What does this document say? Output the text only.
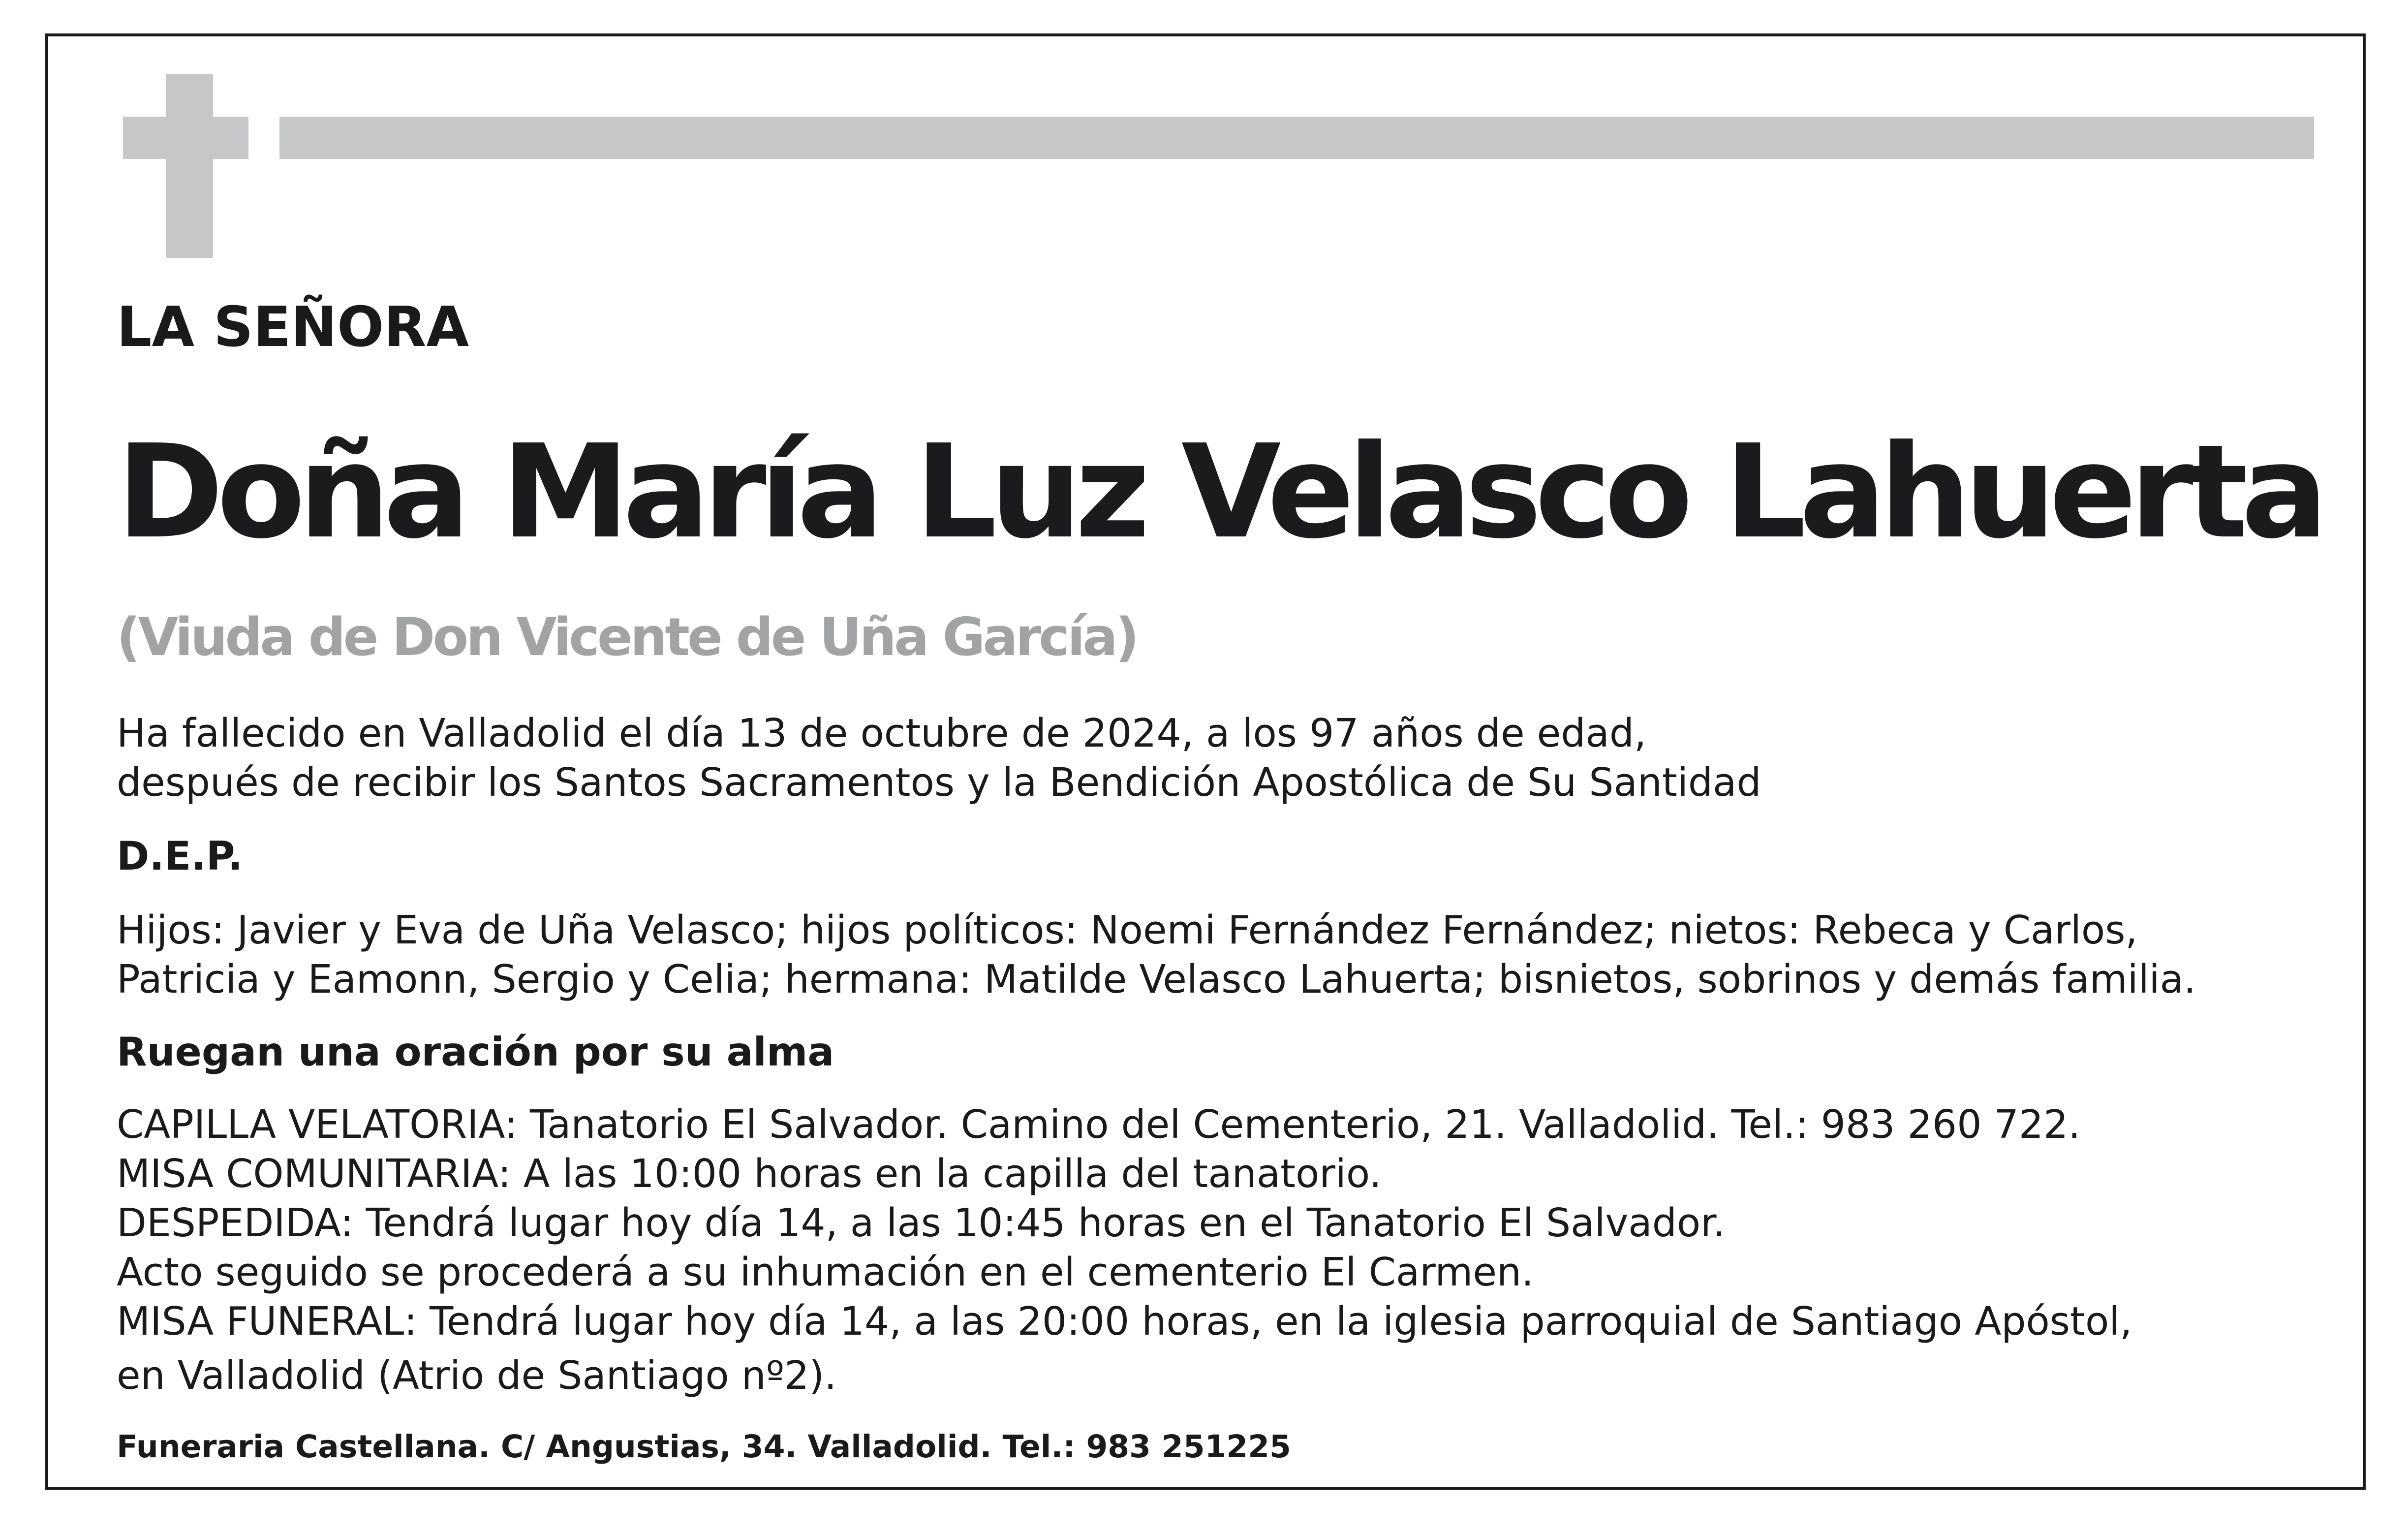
LA SEÑORA
Doña María Luz Velasco Lahuerta
(Viuda de Don Vicente de Uña García)
Ha fallecido en Valladolid el día 13 de octubre de 2024, a los 97 años de edad,
después de recibir los Santos Sacramentos y la Bendición Apostólica de Su Santidad
D.E.P.
Hijos: Javier y Eva de Uña Velasco; hijos políticos: Noemi Fernández Fernández; nietos: Rebeca y Carlos,
Patricia y Eamonn, Sergio y Celia; hermana: Matilde Velasco Lahuerta; bisnietos, sobrinos y demás familia.
Ruegan una oración por su alma
CAPILLA VELATORIA: Tanatorio El Salvador. Camino del Cementerio, 21. Valladolid. Tel.: 983 260 722.
MISA COMUNITARIA: A las 10:00 horas en la capilla del tanatorio.
DESPEDIDA: Tendrá lugar hoy día 14, a las 10:45 horas en el Tanatorio El Salvador.
Acto seguido se procederá a su inhumación en el cementerio El Carmen.
MISA FUNERAL: Tendrá lugar hoy día 14, a las 20:00 horas, en la iglesia parroquial de Santiago Apóstol,
en Valladolid (Atrio de Santiago nº2).
Funeraria Castellana. C/ Angustias, 34. Valladolid. Tel.: 983 251225
